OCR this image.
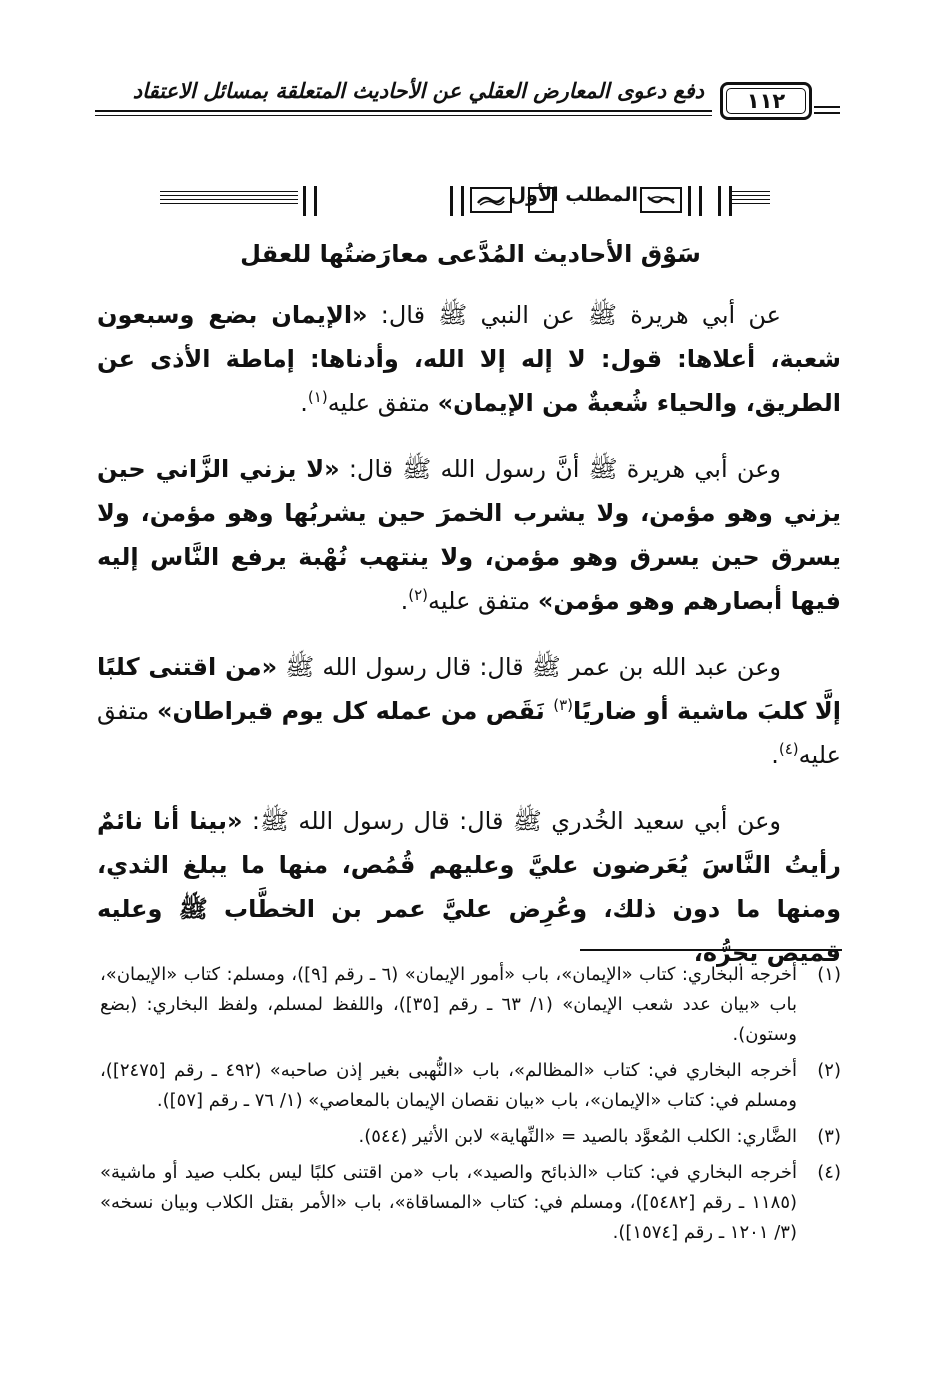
دفع دعوى المعارض العقلي عن الأحاديث المتعلقة بمسائل الاعتقاد ١١٢
المطلب الأول
سَوْق الأحاديث المُدَّعى معارَضتُها للعقل

عن أبي هريرة ﷺ عن النبي ﷺ قال: «الإيمان بضع وسبعون شعبة، أعلاها: قول: لا إله إلا الله، وأدناها: إماطة الأذى عن الطريق، والحياء شُعبةٌ من الإيمان» متفق عليه$^{(١)}$.

وعن أبي هريرة ﷺ أنَّ رسول الله ﷺ قال: «لا يزني الزَّاني حين يزني وهو مؤمن، ولا يشرب الخمرَ حين يشربُها وهو مؤمن، ولا يسرق حين يسرق وهو مؤمن، ولا ينتهب نُهْبة يرفع النَّاس إليه فيها أبصارهم وهو مؤمن» متفق عليه$^{(٢)}$.

وعن عبد الله بن عمر ﷺ قال: قال رسول الله ﷺ «من اقتنى كلبًا إلَّا كلبَ ماشية أو ضاريًا$^{(٣)}$ نَقَص من عمله كل يوم قيراطان» متفق عليه$^{(٤)}$.

وعن أبي سعيد الخُدري ﷺ قال: قال رسول الله ﷺ: «بينا أنا نائمٌ رأيتُ النَّاسَ يُعَرضون عليَّ وعليهم قُمُص، منها ما يبلغ الثدي، ومنها ما دون ذلك، وعُرِض عليَّ عمر بن الخطَّاب ﷺ وعليه قميص يجرُّه،

(١)
أخرجه البخاري: كتاب «الإيمان»، باب «أمور الإيمان» (٦ ـ رقم [٩])، ومسلم: كتاب «الإيمان»، باب «بيان عدد شعب الإيمان» (١/ ٦٣ ـ رقم [٣٥])، واللفظ لمسلم، ولفظ البخاري: (بضع وستون).
(٢)
أخرجه البخاري في: كتاب «المظالم»، باب «النُّهبى بغير إذن صاحبه» (٤٩٢ ـ رقم [٢٤٧٥])، ومسلم في: كتاب «الإيمان»، باب «بيان نقصان الإيمان بالمعاصي» (١/ ٧٦ ـ رقم [٥٧]).
(٣)
الضَّاري: الكلب المُعوَّد بالصيد = «النِّهاية» لابن الأثير (٥٤٤).
(٤)
أخرجه البخاري في: كتاب «الذبائح والصيد»، باب «من اقتنى كلبًا ليس بكلب صيد أو ماشية» (١١٨٥ ـ رقم [٥٤٨٢])، ومسلم في: كتاب «المساقاة»، باب «الأمر بقتل الكلاب وبيان نسخه» (٣/ ١٢٠١ ـ رقم [١٥٧٤]).
